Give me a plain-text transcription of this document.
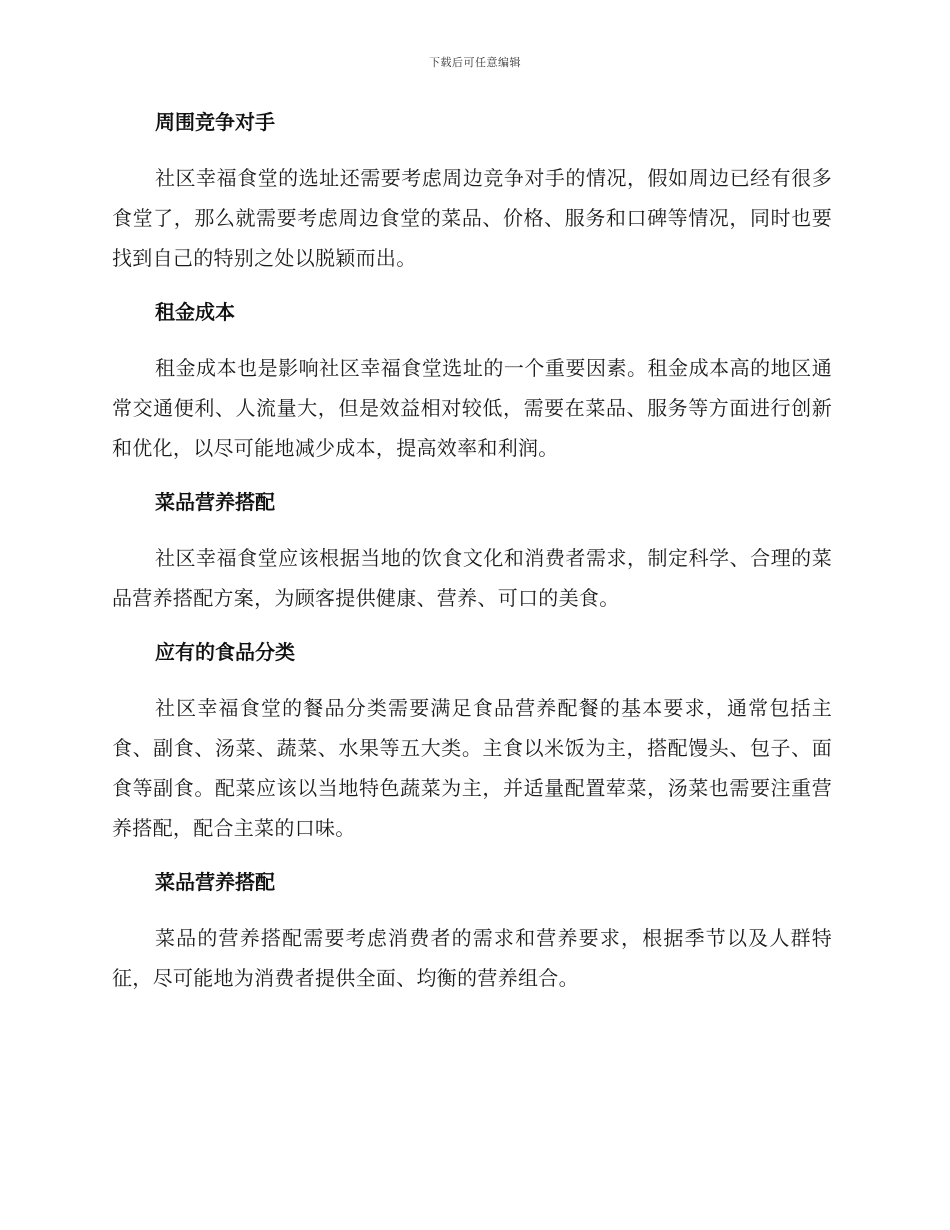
下载后可任意编辑
周围竞争对手

社区幸福食堂的选址还需要考虑周边竞争对手的情况，假如周边已经有很多食堂了，那么就需要考虑周边食堂的菜品、价格、服务和口碑等情况，同时也要找到自己的特别之处以脱颖而出。

租金成本

租金成本也是影响社区幸福食堂选址的一个重要因素。租金成本高的地区通常交通便利、人流量大，但是效益相对较低，需要在菜品、服务等方面进行创新和优化，以尽可能地减少成本，提高效率和利润。

菜品营养搭配

社区幸福食堂应该根据当地的饮食文化和消费者需求，制定科学、合理的菜品营养搭配方案，为顾客提供健康、营养、可口的美食。

应有的食品分类

社区幸福食堂的餐品分类需要满足食品营养配餐的基本要求，通常包括主食、副食、汤菜、蔬菜、水果等五大类。主食以米饭为主，搭配馒头、包子、面食等副食。配菜应该以当地特色蔬菜为主，并适量配置荤菜，汤菜也需要注重营养搭配，配合主菜的口味。

菜品营养搭配

菜品的营养搭配需要考虑消费者的需求和营养要求，根据季节以及人群特征，尽可能地为消费者提供全面、均衡的营养组合。
